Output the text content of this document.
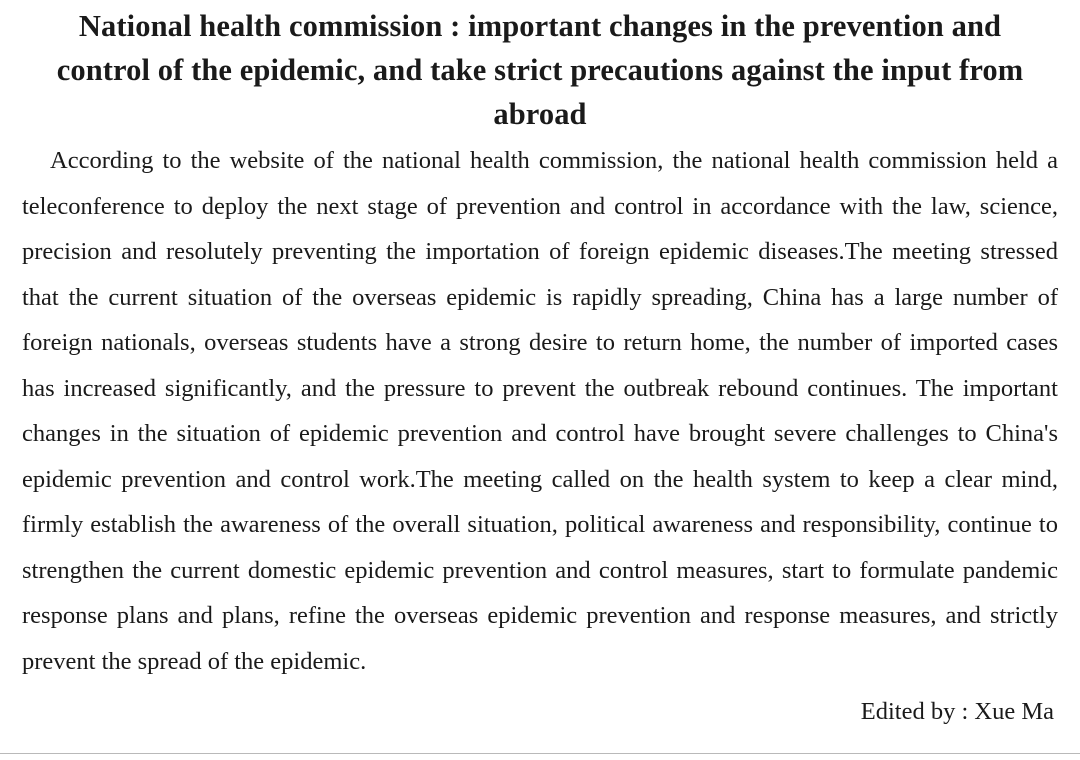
National health commission : important changes in the prevention and control of the epidemic, and take strict precautions against the input from abroad

According to the website of the national health commission, the national health commission held a teleconference to deploy the next stage of prevention and control in accordance with the law, science, precision and resolutely preventing the importation of foreign epidemic diseases.The meeting stressed that the current situation of the overseas epidemic is rapidly spreading, China has a large number of foreign nationals, overseas students have a strong desire to return home, the number of imported cases has increased significantly, and the pressure to prevent the outbreak rebound continues. The important changes in the situation of epidemic prevention and control have brought severe challenges to China's epidemic prevention and control work.The meeting called on the health system to keep a clear mind, firmly establish the awareness of the overall situation, political awareness and responsibility, continue to strengthen the current domestic epidemic prevention and control measures, start to formulate pandemic response plans and plans, refine the overseas epidemic prevention and response measures, and strictly prevent the spread of the epidemic.

Edited by : Xue Ma
